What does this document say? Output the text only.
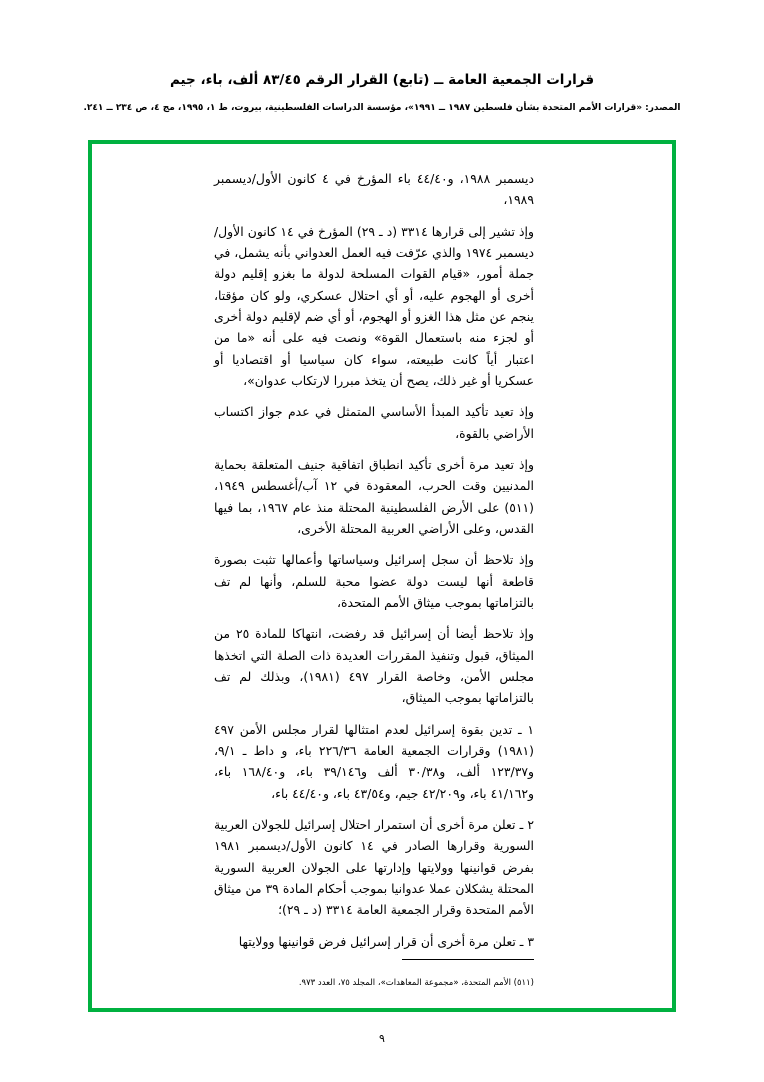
قرارات الجمعية العامة ــ (تابع) القرار الرقم ٨٣/٤٥ ألف، باء، جيم
المصدر: «قرارات الأمم المتحدة بشأن فلسطين ١٩٨٧ ــ ١٩٩١»، مؤسسة الدراسات الفلسطينية، بيروت، ط ١، ١٩٩٥، مج ٤، ص ٢٣٤ ــ ٢٤١.

ديسمبر ١٩٨٨، و٤٤/٤٠ باء المؤرخ في ٤ كانون الأول/ديسمبر ١٩٨٩،

وإذ تشير إلى قرارها ٣٣١٤ (د ـ ٢٩) المؤرخ في ١٤ كانون الأول/ديسمبر ١٩٧٤ والذي عرّفت فيه العمل العدواني بأنه يشمل، في جملة أمور، «قيام القوات المسلحة لدولة ما بغزو إقليم دولة أخرى أو الهجوم عليه، أو أي احتلال عسكري، ولو كان مؤقتا، ينجم عن مثل هذا الغزو أو الهجوم، أو أي ضم لإقليم دولة أخرى أو لجزء منه باستعمال القوة» ونصت فيه على أنه «ما من اعتبار أياً كانت طبيعته، سواء كان سياسيا أو اقتصاديا أو عسكريا أو غير ذلك، يصح أن يتخذ مبررا لارتكاب عدوان»،

وإذ تعيد تأكيد المبدأ الأساسي المتمثل في عدم جواز اكتساب الأراضي بالقوة،

وإذ تعيد مرة أخرى تأكيد انطباق اتفاقية جنيف المتعلقة بحماية المدنيين وقت الحرب، المعقودة في ١٢ آب/أغسطس ١٩٤٩،(٥١١) على الأرض الفلسطينية المحتلة منذ عام ١٩٦٧، بما فيها القدس، وعلى الأراضي العربية المحتلة الأخرى،

وإذ تلاحظ أن سجل إسرائيل وسياساتها وأعمالها تثبت بصورة قاطعة أنها ليست دولة عضوا محبة للسلم، وأنها لم تف بالتزاماتها بموجب ميثاق الأمم المتحدة،

وإذ تلاحظ أيضا أن إسرائيل قد رفضت، انتهاكا للمادة ٢٥ من الميثاق، قبول وتنفيذ المقررات العديدة ذات الصلة التي اتخذها مجلس الأمن، وخاصة القرار ٤٩٧ (١٩٨١)، وبذلك لم تف بالتزاماتها بموجب الميثاق،

١ ـ تدين بقوة إسرائيل لعدم امتثالها لقرار مجلس الأمن ٤٩٧ (١٩٨١) وقرارات الجمعية العامة ٢٢٦/٣٦ باء، و داط ـ ٩/١، و١٢٣/٣٧ ألف، و٣٠/٣٨ ألف و٣٩/١٤٦ باء، و١٦٨/٤٠ باء، و٤١/١٦٢ باء، و٤٢/٢٠٩ جيم، و٤٣/٥٤ باء، و٤٤/٤٠ باء،

٢ ـ تعلن مرة أخرى أن استمرار احتلال إسرائيل للجولان العربية السورية وقرارها الصادر في ١٤ كانون الأول/ديسمبر ١٩٨١ بفرض قوانينها وولايتها وإدارتها على الجولان العربية السورية المحتلة يشكلان عملا عدوانيا بموجب أحكام المادة ٣٩ من ميثاق الأمم المتحدة وقرار الجمعية العامة ٣٣١٤ (د ـ ٢٩)؛

٣ ـ تعلن مرة أخرى أن قرار إسرائيل فرض قوانينها وولايتها

(٥١١) الأمم المتحدة، «مجموعة المعاهدات»، المجلد ٧٥، العدد ٩٧٣.
٩
